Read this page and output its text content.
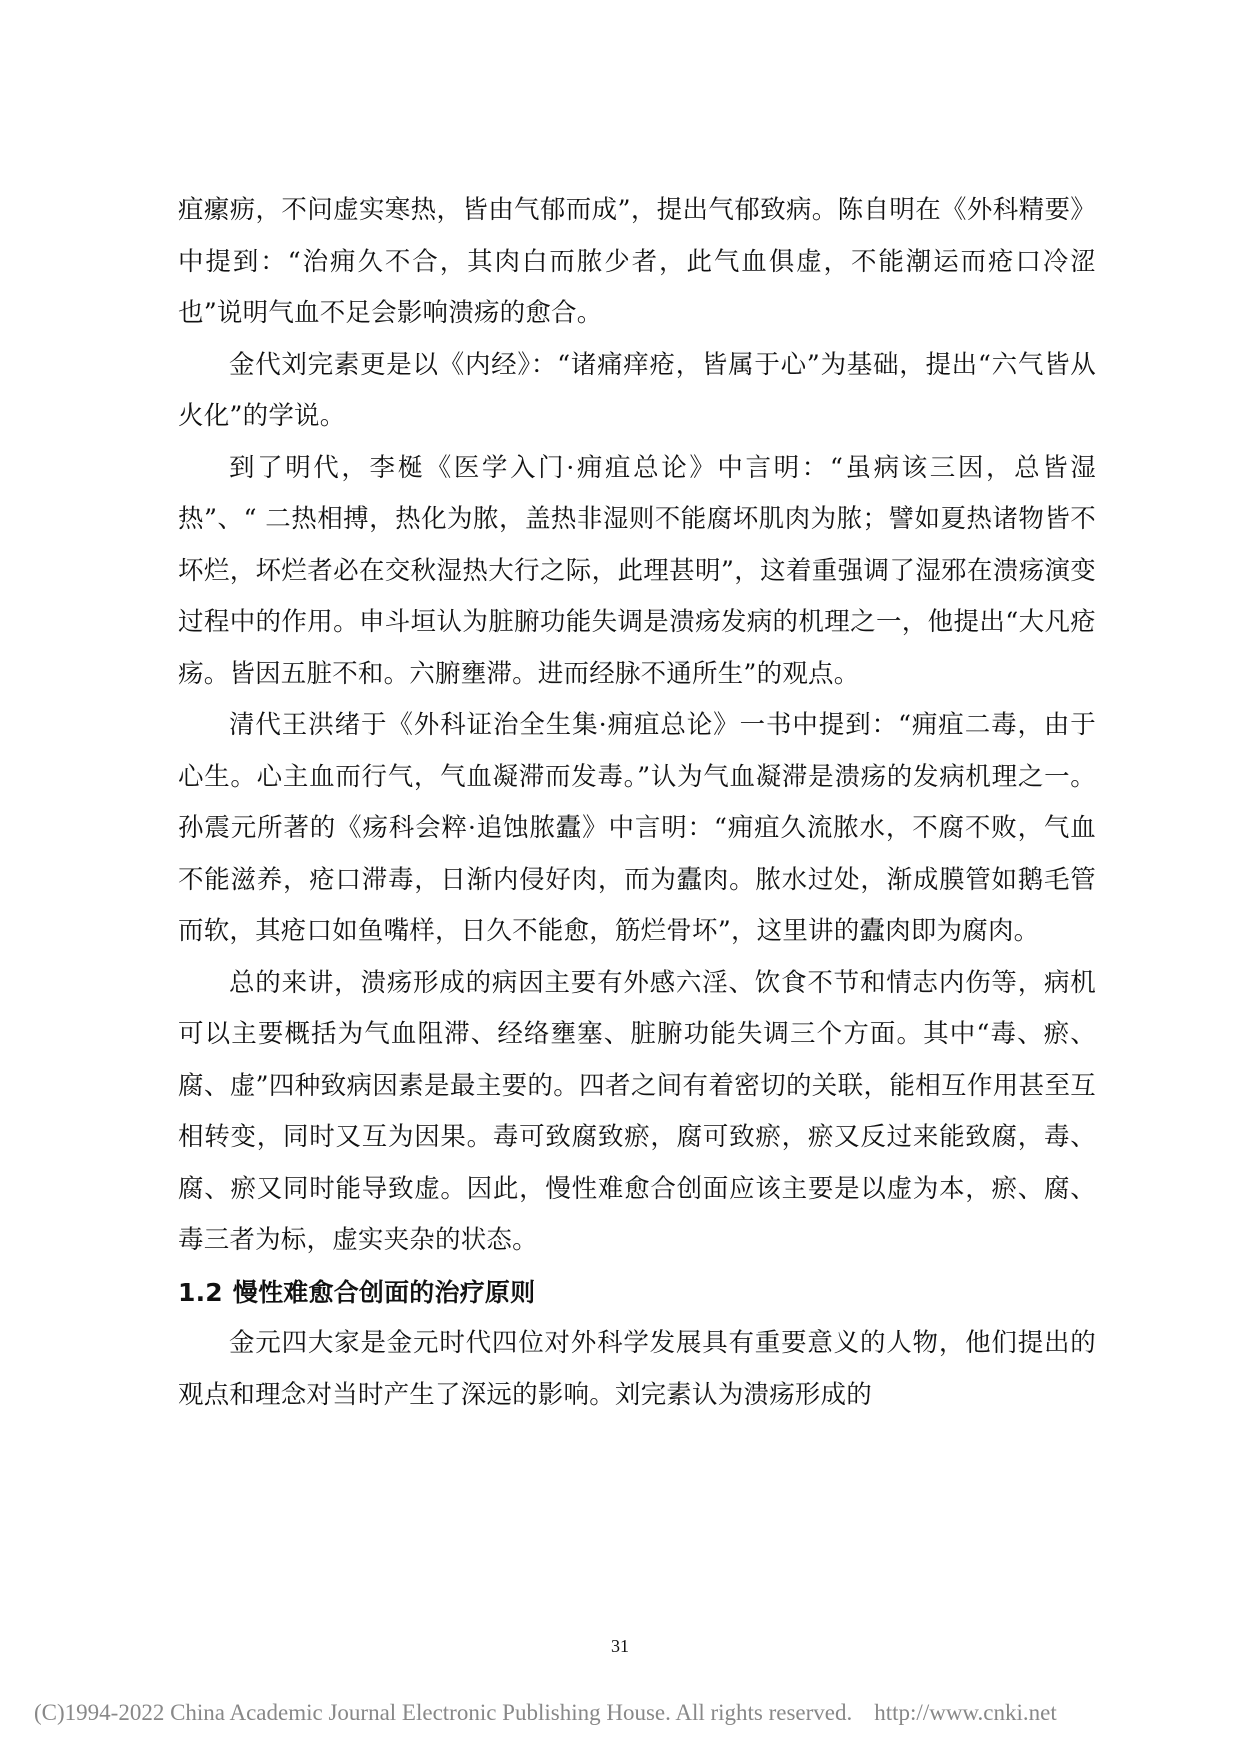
疽瘰疬，不问虚实寒热，皆由气郁而成”，提出气郁致病。陈自明在《外科精要》中提到：“治痈久不合，其肉白而脓少者，此气血俱虚，不能潮运而疮口冷涩也”说明气血不足会影响溃疡的愈合。

金代刘完素更是以《内经》：“诸痛痒疮，皆属于心”为基础，提出“六气皆从火化”的学说。

到了明代，李梴《医学入门·痈疽总论》中言明：“虽病该三因，总皆湿热”、“ 二热相搏，热化为脓，盖热非湿则不能腐坏肌肉为脓；譬如夏热诸物皆不坏烂，坏烂者必在交秋湿热大行之际，此理甚明”，这着重强调了湿邪在溃疡演变过程中的作用。申斗垣认为脏腑功能失调是溃疡发病的机理之一，他提出“大凡疮疡。皆因五脏不和。六腑壅滞。进而经脉不通所生”的观点。

清代王洪绪于《外科证治全生集·痈疽总论》一书中提到：“痈疽二毒，由于心生。心主血而行气，气血凝滞而发毒。”认为气血凝滞是溃疡的发病机理之一。孙震元所著的《疡科会粹·追蚀脓蠹》中言明：“痈疽久流脓水，不腐不败，气血不能滋养，疮口滞毒，日渐内侵好肉，而为蠹肉。脓水过处，渐成膜管如鹅毛管而软，其疮口如鱼嘴样，日久不能愈，筋烂骨坏”，这里讲的蠹肉即为腐肉。

总的来讲，溃疡形成的病因主要有外感六淫、饮食不节和情志内伤等，病机可以主要概括为气血阻滞、经络壅塞、脏腑功能失调三个方面。其中“毒、瘀、腐、虚”四种致病因素是最主要的。四者之间有着密切的关联，能相互作用甚至互相转变，同时又互为因果。毒可致腐致瘀，腐可致瘀，瘀又反过来能致腐，毒、腐、瘀又同时能导致虚。因此，慢性难愈合创面应该主要是以虚为本，瘀、腐、毒三者为标，虚实夹杂的状态。

1.2 慢性难愈合创面的治疗原则

金元四大家是金元时代四位对外科学发展具有重要意义的人物，他们提出的观点和理念对当时产生了深远的影响。刘完素认为溃疡形成的

31
(C)1994-2022 China Academic Journal Electronic Publishing House. All rights reserved. http://www.cnki.net
